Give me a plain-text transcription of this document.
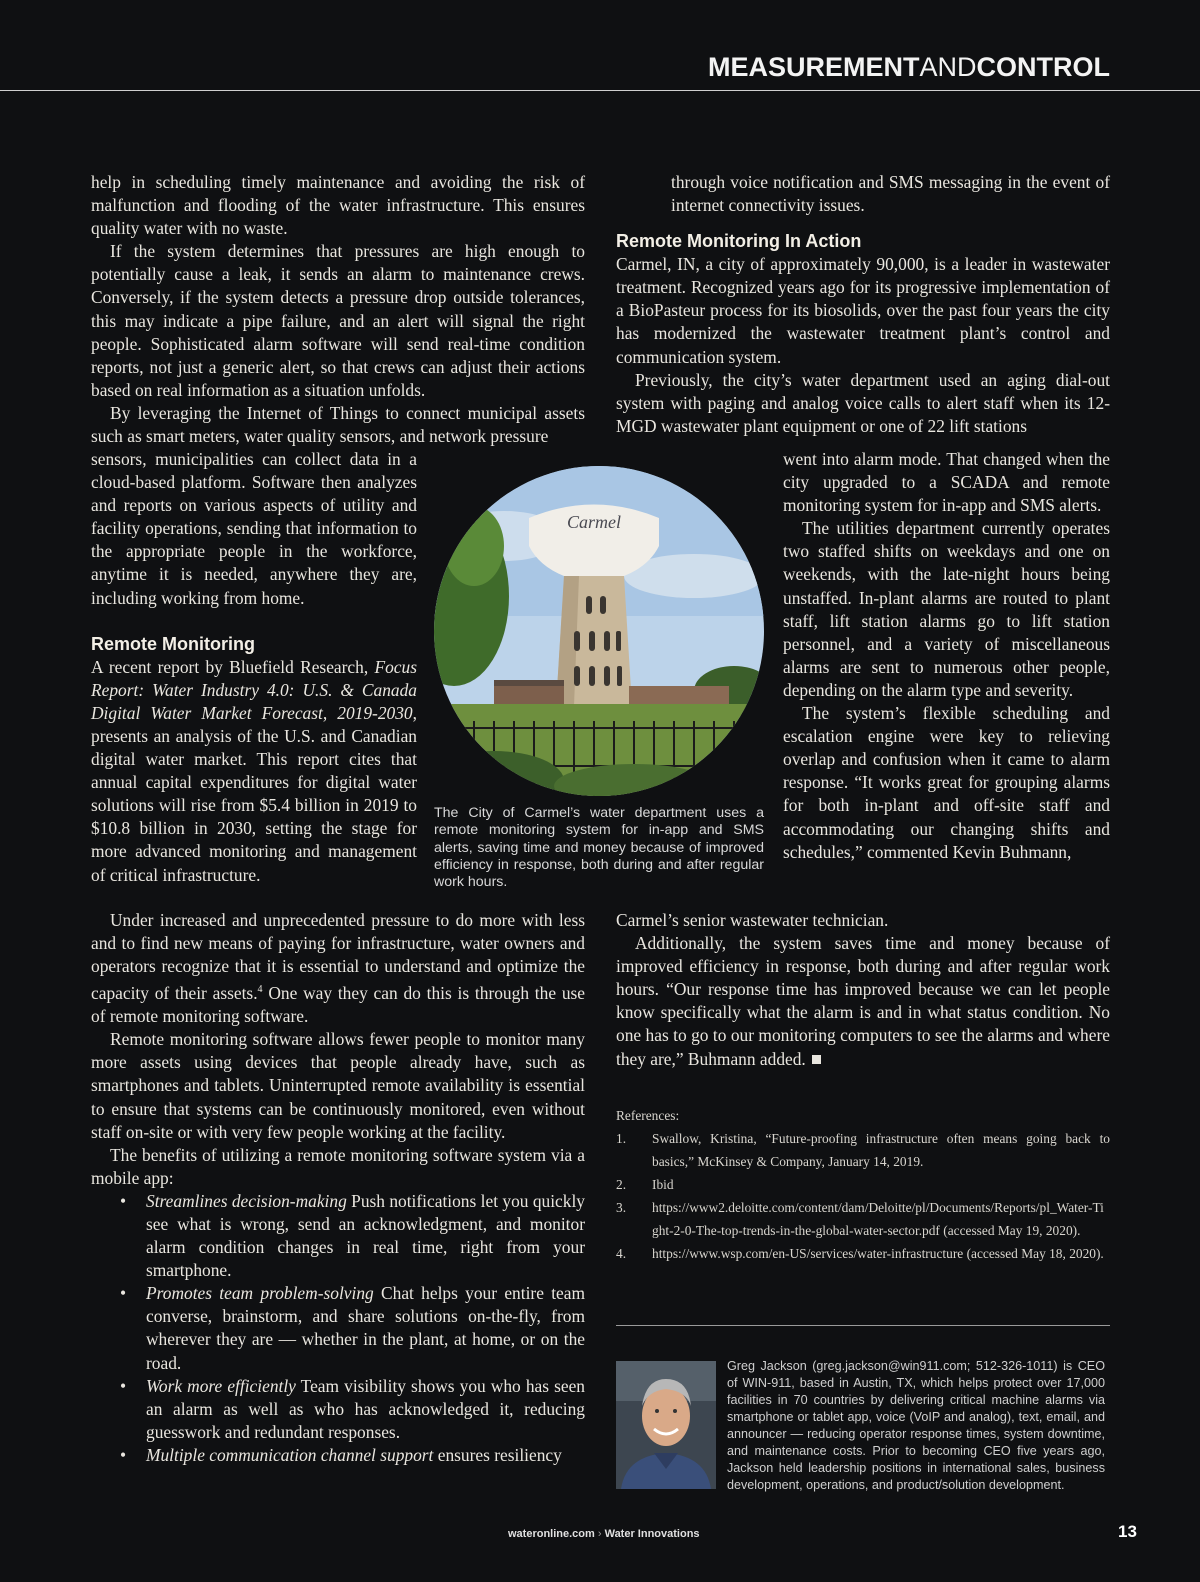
MEASUREMENTANDCONTROL

help in scheduling timely maintenance and avoiding the risk of malfunction and flooding of the water infrastructure. This ensures quality water with no waste.

If the system determines that pressures are high enough to potentially cause a leak, it sends an alarm to maintenance crews. Conversely, if the system detects a pressure drop outside tolerances, this may indicate a pipe failure, and an alert will signal the right people. Sophisticated alarm software will send real-time condition reports, not just a generic alert, so that crews can adjust their actions based on real information as a situation unfolds.

By leveraging the Internet of Things to connect municipal assets such as smart meters, water quality sensors, and network pressure

sensors, municipalities can collect data in a cloud-based platform. Software then analyzes and reports on various aspects of utility and facility operations, sending that information to the appropriate people in the workforce, anytime it is needed, anywhere they are, including working from home.

Remote Monitoring

A recent report by Bluefield Research, Focus Report: Water Industry 4.0: U.S. & Canada Digital Water Market Forecast, 2019-2030, presents an analysis of the U.S. and Canadian digital water market. This report cites that annual capital expenditures for digital water solutions will rise from $5.4 billion in 2019 to $10.8 billion in 2030, setting the stage for more advanced monitoring and management of critical infrastructure.

Under increased and unprecedented pressure to do more with less and to find new means of paying for infrastructure, water owners and operators recognize that it is essential to understand and optimize the capacity of their assets.$^4$ One way they can do this is through the use of remote monitoring software.

Remote monitoring software allows fewer people to monitor many more assets using devices that people already have, such as smartphones and tablets. Uninterrupted remote availability is essential to ensure that systems can be continuously monitored, even without staff on-site or with very few people working at the facility.

The benefits of utilizing a remote monitoring software system via a mobile app:

• Streamlines decision-making Push notifications let you quickly see what is wrong, send an acknowledgment, and monitor alarm condition changes in real time, right from your smartphone.
• Promotes team problem-solving Chat helps your entire team converse, brainstorm, and share solutions on-the-fly, from wherever they are — whether in the plant, at home, or on the road.
• Work more efficiently Team visibility shows you who has seen an alarm as well as who has acknowledged it, reducing guesswork and redundant responses.
• Multiple communication channel support ensures resiliency

through voice notification and SMS messaging in the event of internet connectivity issues.

Remote Monitoring In Action

Carmel, IN, a city of approximately 90,000, is a leader in wastewater treatment. Recognized years ago for its progressive implementation of a BioPasteur process for its biosolids, over the past four years the city has modernized the wastewater treatment plant’s control and communication system.

Previously, the city’s water department used an aging dial-out system with paging and analog voice calls to alert staff when its 12-MGD wastewater plant equipment or one of 22 lift stations

went into alarm mode. That changed when the city upgraded to a SCADA and remote monitoring system for in-app and SMS alerts.

The utilities department currently operates two staffed shifts on weekdays and one on weekends, with the late-night hours being unstaffed. In-plant alarms are routed to plant staff, lift station alarms go to lift station personnel, and a variety of miscellaneous alarms are sent to numerous other people, depending on the alarm type and severity.

The system’s flexible scheduling and escalation engine were key to relieving overlap and confusion when it came to alarm response. “It works great for grouping alarms for both in-plant and off-site staff and accommodating our changing shifts and schedules,” commented Kevin Buhmann,

Carmel’s senior wastewater technician.

Additionally, the system saves time and money because of improved efficiency in response, both during and after regular work hours. “Our response time has improved because we can let people know specifically what the alarm is and in what status condition. No one has to go to our monitoring computers to see the alarms and where they are,” Buhmann added.

Carmel
The City of Carmel’s water department uses a remote monitoring system for in-app and SMS alerts, saving time and money because of improved efficiency in response, both during and after regular work hours.

References:

1. Swallow, Kristina, “Future-proofing infrastructure often means going back to basics,” McKinsey & Company, January 14, 2019.
2. Ibid
3. https://www2.deloitte.com/content/dam/Deloitte/pl/Documents/Reports/pl_Water-Tight-2-0-The-top-trends-in-the-global-water-sector.pdf (accessed May 19, 2020).
4. https://www.wsp.com/en-US/services/water-infrastructure (accessed May 18, 2020).
Greg Jackson (greg.jackson@win911.com; 512-326-1011) is CEO of WIN-911, based in Austin, TX, which helps protect over 17,000 facilities in 70 countries by delivering critical machine alarms via smartphone or tablet app, voice (VoIP and analog), text, email, and announcer — reducing operator response times, system downtime, and maintenance costs. Prior to becoming CEO five years ago, Jackson held leadership positions in international sales, business development, operations, and product/solution development.
wateronline.com › Water Innovations	13
